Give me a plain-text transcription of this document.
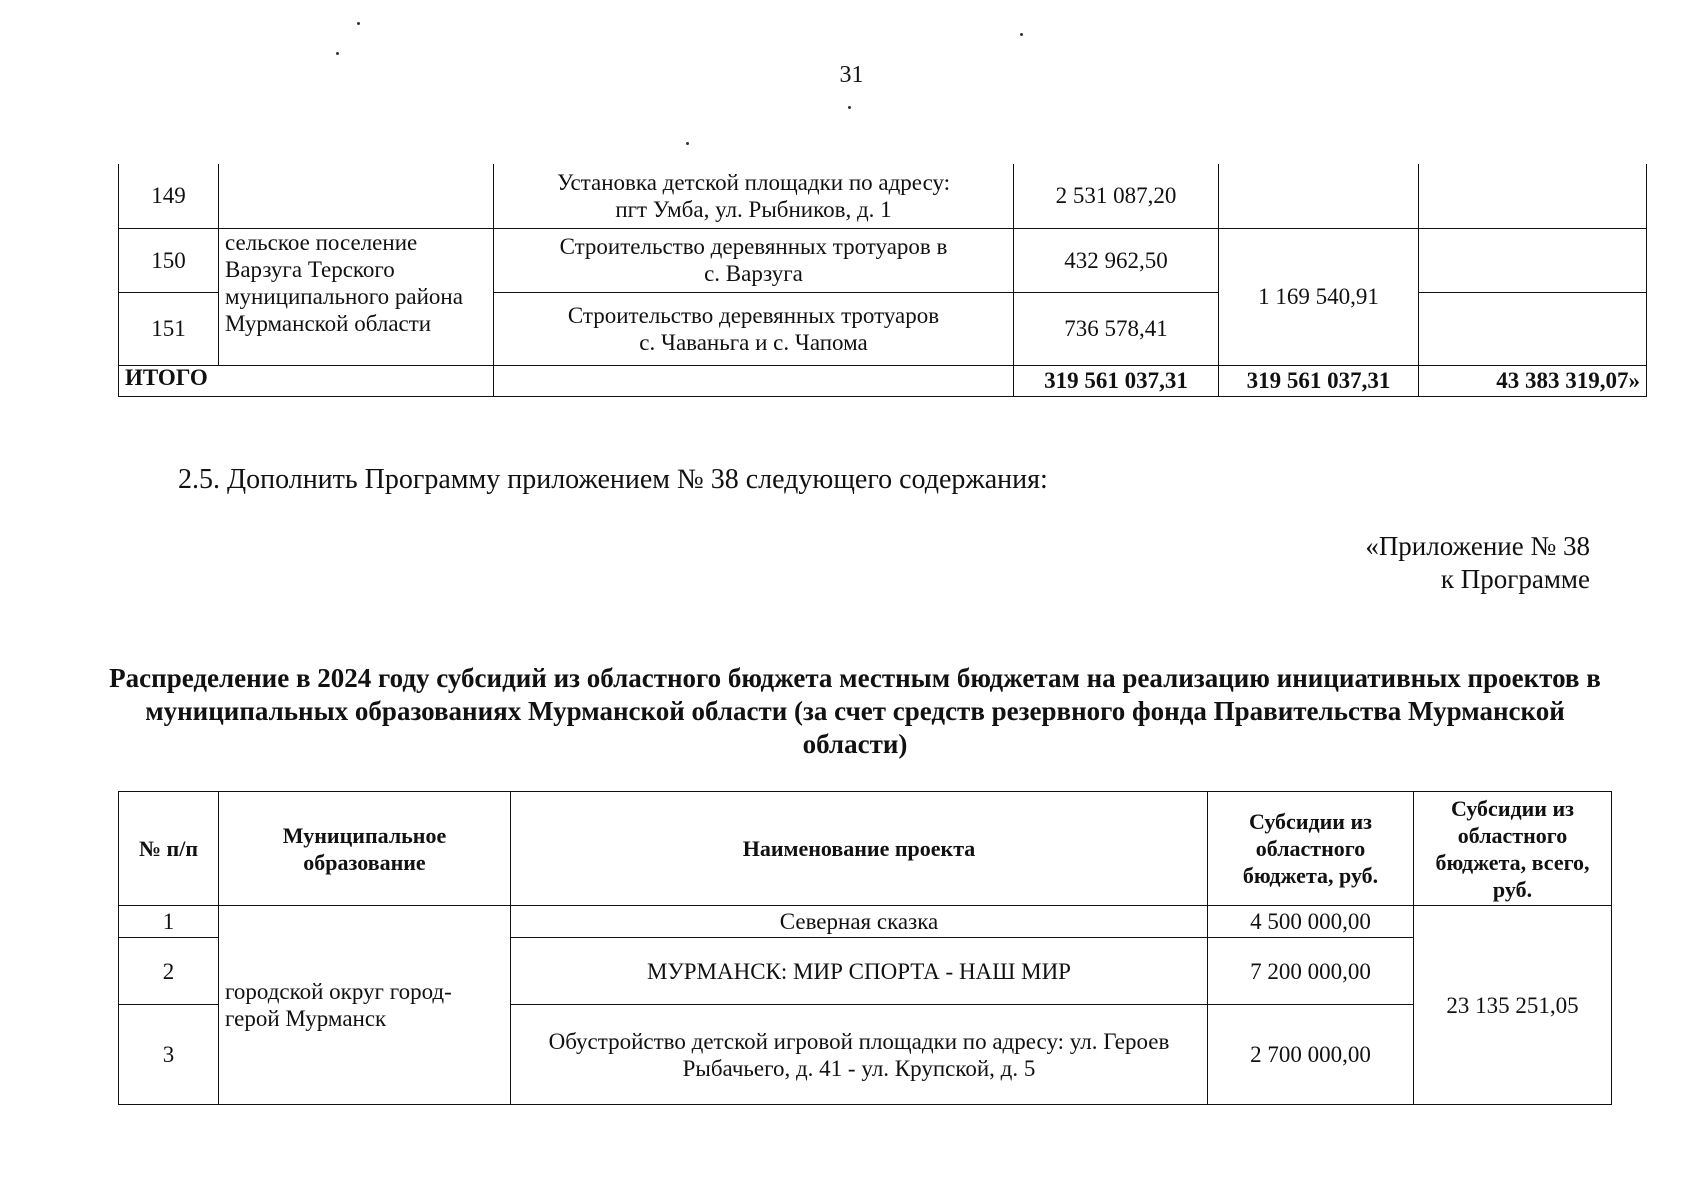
31
149		Установка детской площадки по адресу:
пгт Умба, ул. Рыбников, д. 1	2 531 087,20		
150	сельское поселение Варзуга Терского муниципального района Мурманской области	Строительство деревянных тротуаров в
с. Варзуга	432 962,50	1 169 540,91	
151		Строительство деревянных тротуаров
с. Чаваньга и с. Чапома	736 578,41		
ИТОГО			319 561 037,31	319 561 037,31	43 383 319,07»
2.5. Дополнить Программу приложением № 38 следующего содержания:
«Приложение № 38
к Программе
Распределение в 2024 году субсидий из областного бюджета местным бюджетам на реализацию инициативных проектов в муниципальных образованиях Мурманской области (за счет средств резервного фонда Правительства Мурманской области)
№ п/п	Муниципальное образование	Наименование проекта	Субсидии из областного бюджета, руб.	Субсидии из областного бюджета, всего, руб.
1	городской округ город-герой Мурманск	Северная сказка	4 500 000,00	23 135 251,05
2		МУРМАНСК: МИР СПОРТА - НАШ МИР	7 200 000,00	
3		Обустройство детской игровой площадки по адресу: ул. Героев Рыбачьего, д. 41 - ул. Крупской, д. 5	2 700 000,00	
